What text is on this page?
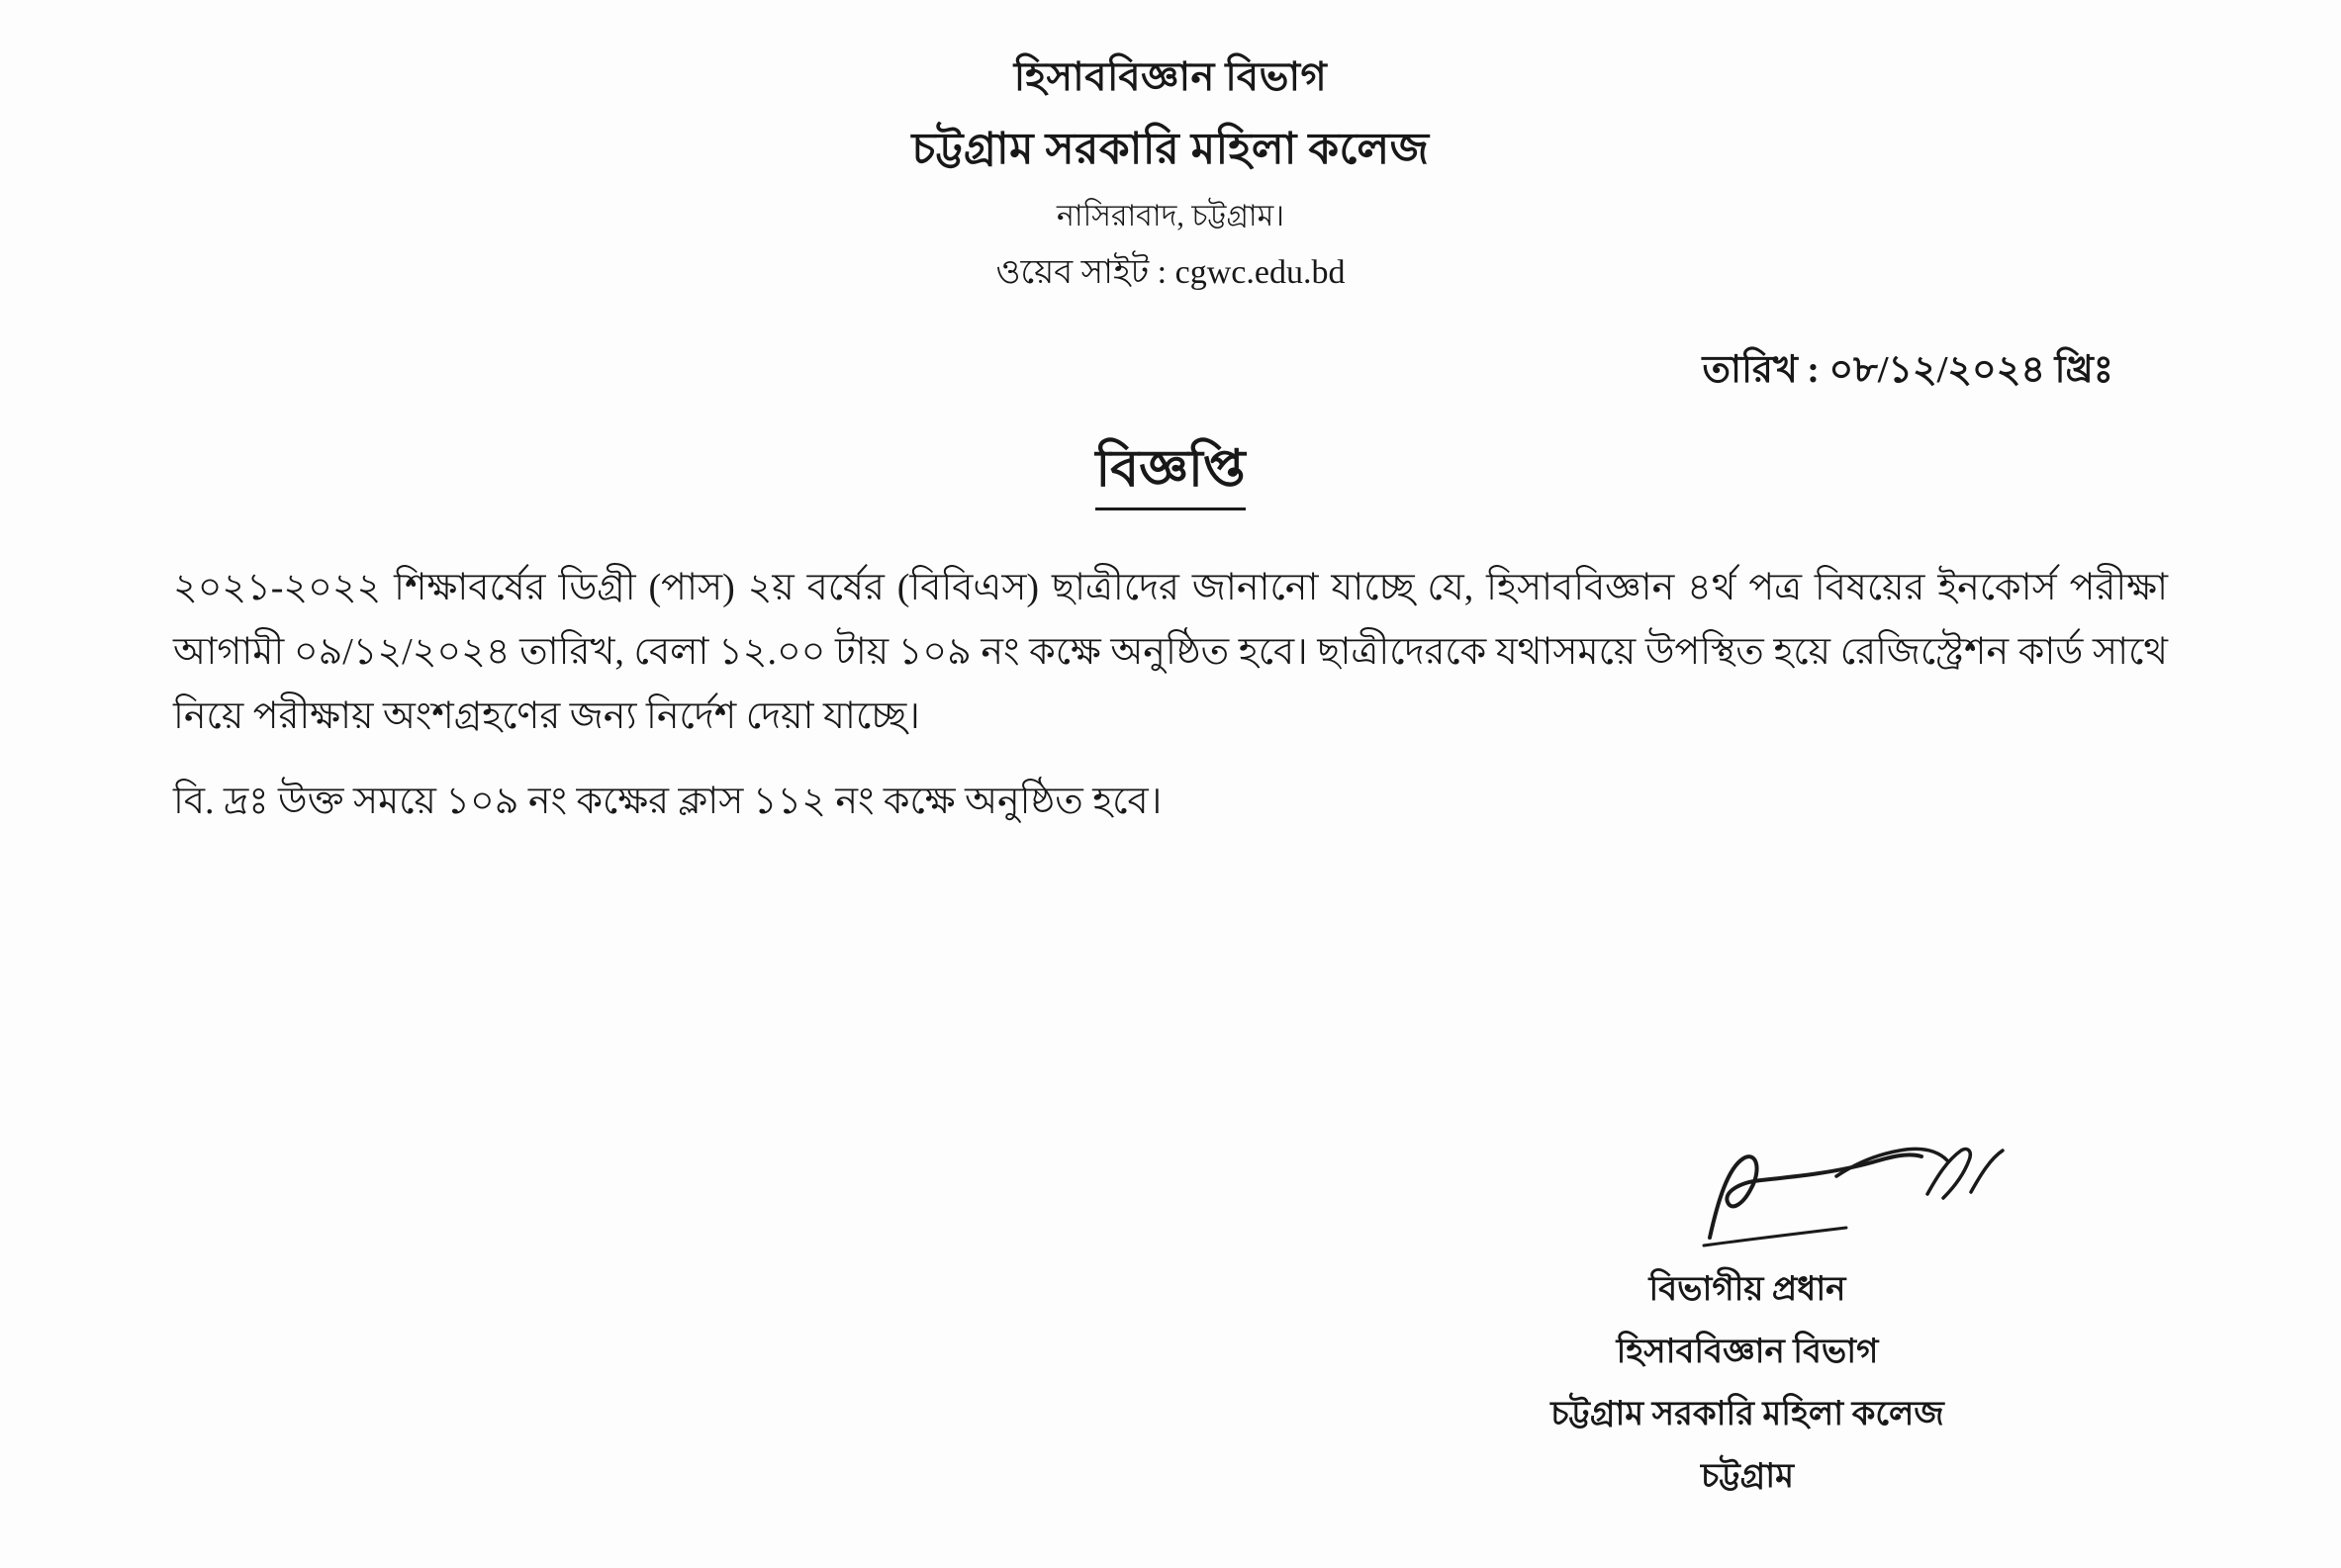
হিসাববিজ্ঞান বিভাগ
চট্টগ্রাম সরকারি মহিলা কলেজ
নাসিরাবাদ, চট্টগ্রাম।
ওয়েব সাইট : cgwc.edu.bd
তারিখ : ০৮/১২/২০২৪ খ্রিঃ
বিজ্ঞপ্তি

২০২১-২০২২ শিক্ষাবর্ষের ডিগ্রী (পাস) ২য় বর্ষের (বিবিএস) ছাত্রীদের জানানো যাচ্ছে যে, হিসাববিজ্ঞান ৪র্থ পত্র বিষয়ের ইনকোর্স পরীক্ষা আগামী ০৯/১২/২০২৪ তারিখ, বেলা ১২.০০ টায় ১০৯ নং কক্ষে অনুষ্ঠিত হবে। ছাত্রীদেরকে যথাসময়ে উপস্থিত হয়ে রেজিস্ট্রেশন কার্ড সাথে নিয়ে পরীক্ষায় অংশগ্রহণের জন্য নির্দেশ দেয়া যাচ্ছে।

বি. দ্রঃ উক্ত সময়ে ১০৯ নং কক্ষের ক্লাস ১১২ নং কক্ষে অনুষ্ঠিত হবে।
বিভাগীয় প্রধান
হিসাববিজ্ঞান বিভাগ
চট্টগ্রাম সরকারি মহিলা কলেজ
চট্টগ্রাম
